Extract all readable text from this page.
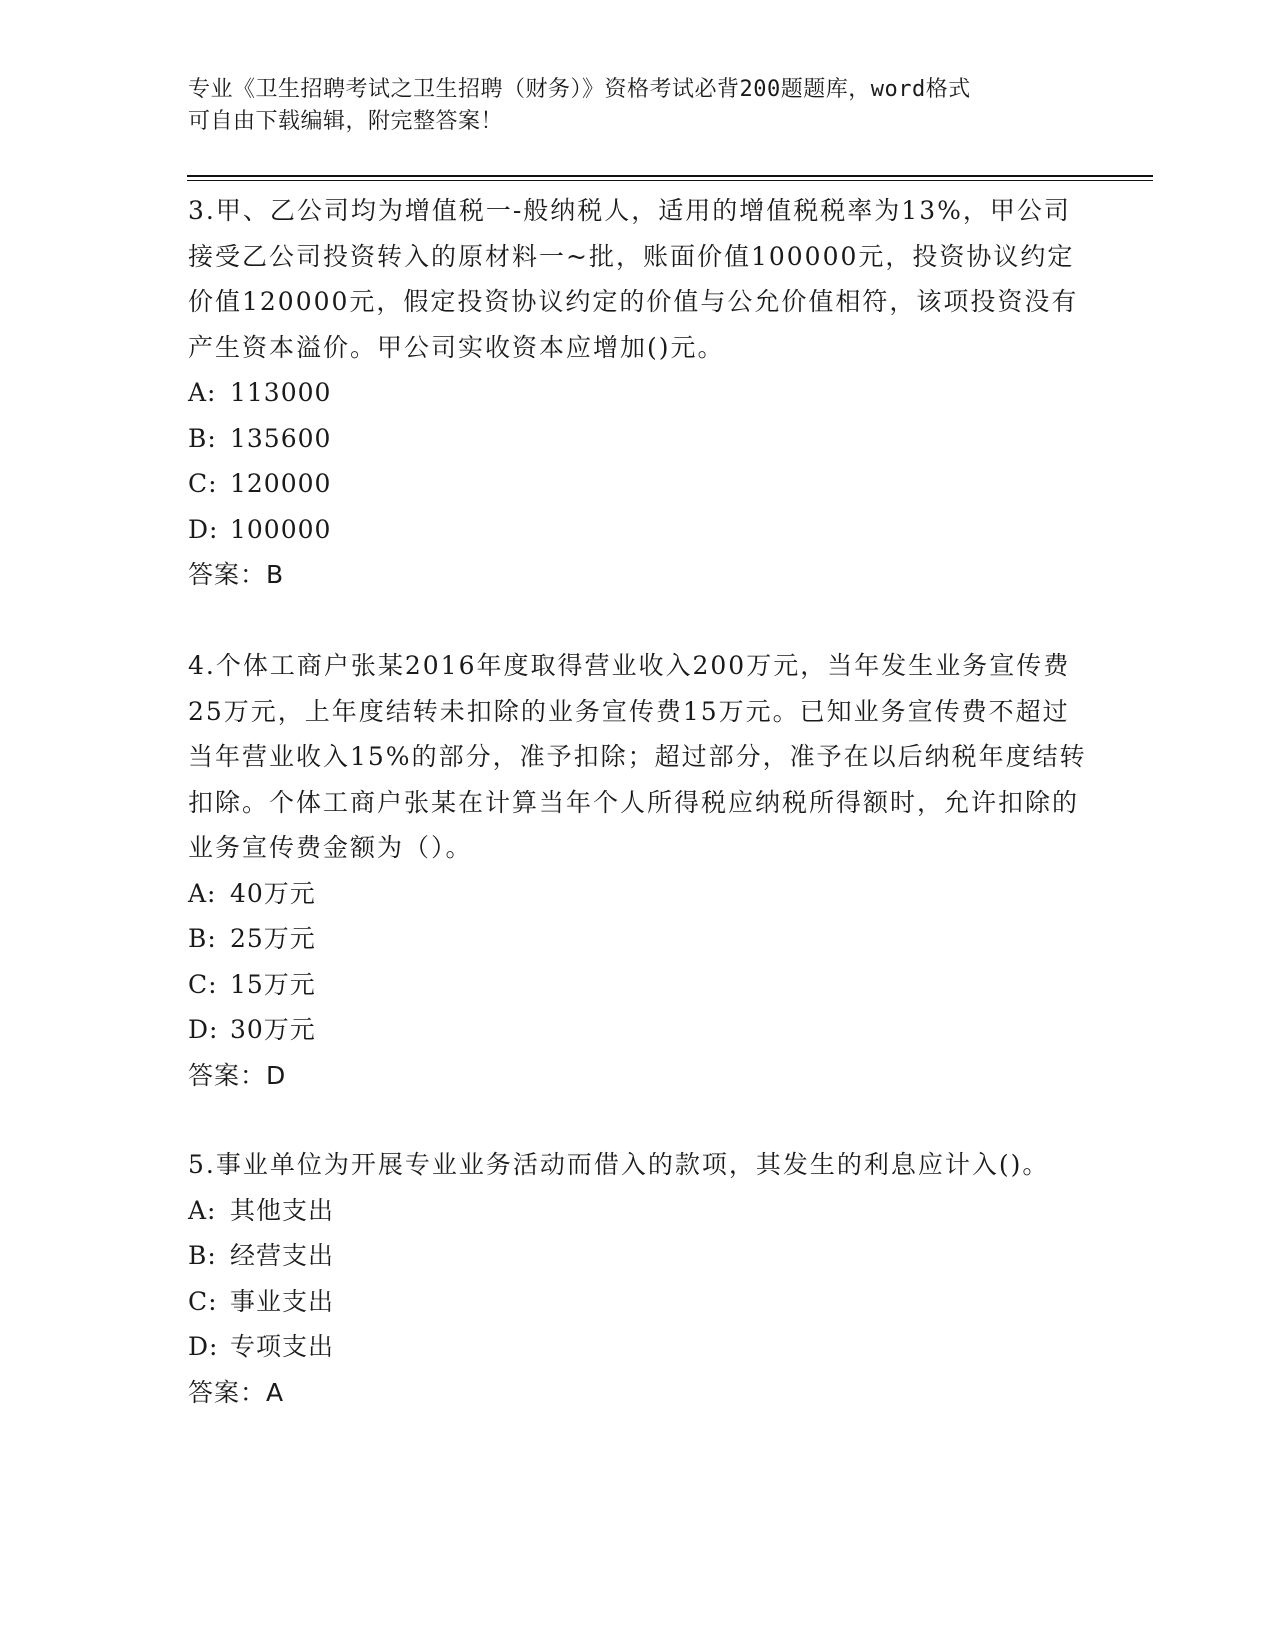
专业《卫生招聘考试之卫生招聘（财务）》资格考试必背200题题库，word格式
可自由下载编辑，附完整答案！
3.甲、乙公司均为增值税一-般纳税人，适用的增值税税率为13%，甲公司接受乙公司投资转入的原材料一~批，账面价值100000元，投资协议约定价值120000元，假定投资协议约定的价值与公允价值相符，该项投资没有产生资本溢价。甲公司实收资本应增加()元。
A: 113000
B: 135600
C: 120000
D: 100000
答案：B
4.个体工商户张某2016年度取得营业收入200万元，当年发生业务宣传费25万元，上年度结转未扣除的业务宣传费15万元。已知业务宣传费不超过当年营业收入15%的部分，准予扣除；超过部分，准予在以后纳税年度结转扣除。个体工商户张某在计算当年个人所得税应纳税所得额时，允许扣除的业务宣传费金额为（）。
A: 40万元
B: 25万元
C: 15万元
D: 30万元
答案：D
5.事业单位为开展专业业务活动而借入的款项，其发生的利息应计入()。
A: 其他支出
B: 经营支出
C: 事业支出
D: 专项支出
答案：A
